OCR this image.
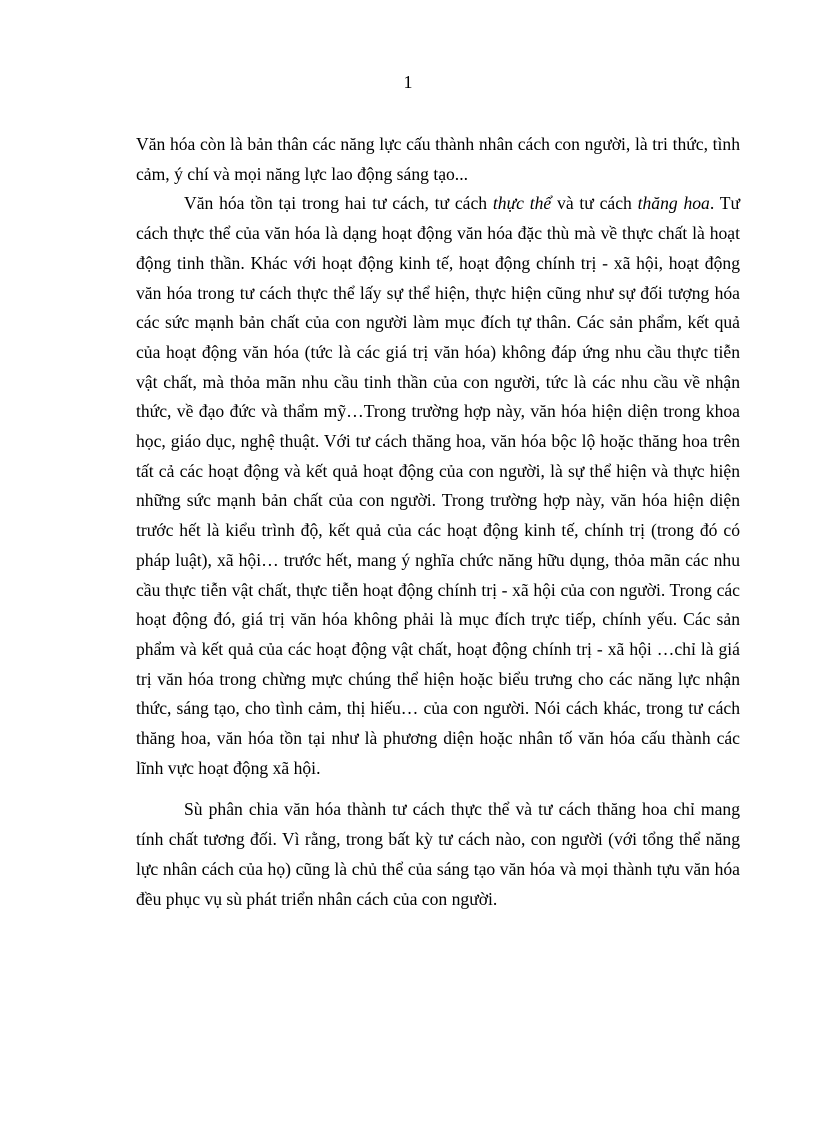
1

Văn hóa còn là bản thân các năng lực cấu thành nhân cách con người, là tri thức, tình cảm, ý chí và mọi năng lực lao động sáng tạo...

Văn hóa tồn tại trong hai tư cách, tư cách thực thể và tư cách thăng hoa. Tư cách thực thể của văn hóa là dạng hoạt động văn hóa đặc thù mà về thực chất là hoạt động tinh thần. Khác với hoạt động kinh tế, hoạt động chính trị - xã hội, hoạt động văn hóa trong tư cách thực thể lấy sự thể hiện, thực hiện cũng như sự đối tượng hóa các sức mạnh bản chất của con người làm mục đích tự thân. Các sản phẩm, kết quả của hoạt động văn hóa (tức là các giá trị văn hóa) không đáp ứng nhu cầu thực tiễn vật chất, mà thỏa mãn nhu cầu tinh thần của con người, tức là các nhu cầu về nhận thức, về đạo đức và thẩm mỹ…Trong trường hợp này, văn hóa hiện diện trong khoa học, giáo dục, nghệ thuật. Với tư cách thăng hoa, văn hóa bộc lộ hoặc thăng hoa trên tất cả các hoạt động và kết quả hoạt động của con người, là sự thể hiện và thực hiện những sức mạnh bản chất của con người. Trong trường hợp này, văn hóa hiện diện trước hết là kiểu trình độ, kết quả của các hoạt động kinh tế, chính trị (trong đó có pháp luật), xã hội… trước hết, mang ý nghĩa chức năng hữu dụng, thỏa mãn các nhu cầu thực tiễn vật chất, thực tiễn hoạt động chính trị - xã hội của con người. Trong các hoạt động đó, giá trị văn hóa không phải là mục đích trực tiếp, chính yếu. Các sản phẩm và kết quả của các hoạt động vật chất, hoạt động chính trị - xã hội …chỉ là giá trị văn hóa trong chừng mực chúng thể hiện hoặc biểu trưng cho các năng lực nhận thức, sáng tạo, cho tình cảm, thị hiếu… của con người. Nói cách khác, trong tư cách thăng hoa, văn hóa tồn tại như là phương diện hoặc nhân tố văn hóa cấu thành các lĩnh vực hoạt động xã hội.

Sù phân chia văn hóa thành tư cách thực thể và tư cách thăng hoa chỉ mang tính chất tương đối. Vì rằng, trong bất kỳ tư cách nào, con người (với tổng thể năng lực nhân cách của họ) cũng là chủ thể của sáng tạo văn hóa và mọi thành tựu văn hóa đều phục vụ sù phát triển nhân cách của con người.
